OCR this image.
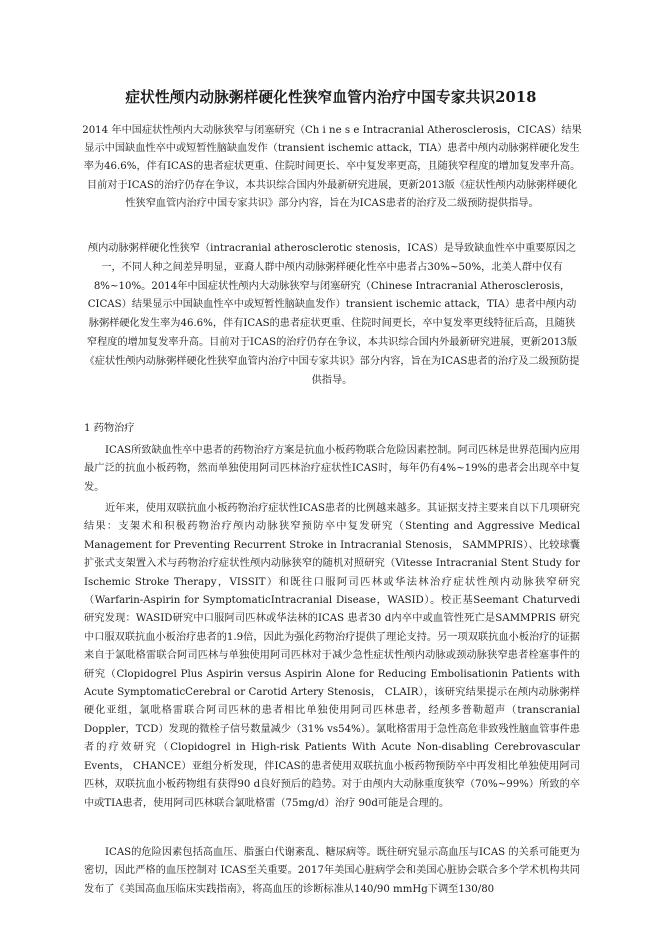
症状性颅内动脉粥样硬化性狭窄血管内治疗中国专家共识2018

2014 年中国症状性颅内大动脉狭窄与闭塞研究（Ch i ne s e Intracranial Atherosclerosis，CICAS）结果显示中国缺血性卒中或短暂性脑缺血发作（transient ischemic attack，TIA）患者中颅内动脉粥样硬化发生率为46.6%，伴有ICAS的患者症状更重、住院时间更长、卒中复发率更高，且随狭窄程度的增加复发率升高。目前对于ICAS的治疗仍存在争议，本共识综合国内外最新研究进展，更新2013版《症状性颅内动脉粥样硬化性狭窄血管内治疗中国专家共识》部分内容，旨在为ICAS患者的治疗及二级预防提供指导。

颅内动脉粥样硬化性狭窄（intracranial atherosclerotic stenosis，ICAS）是导致缺血性卒中重要原因之一，不同人种之间差异明显，亚裔人群中颅内动脉粥样硬化性卒中患者占30%~50%，北美人群中仅有8%~10%。2014年中国症状性颅内大动脉狭窄与闭塞研究（Chinese Intracranial Atherosclerosis，CICAS）结果显示中国缺血性卒中或短暂性脑缺血发作）transient ischemic attack，TIA）患者中颅内动脉粥样硬化发生率为46.6%，伴有ICAS的患者症状更重、住院时间更长，卒中复发率更线特征后高，且随狭窄程度的增加复发率升高。目前对于ICAS的治疗仍存在争议，本共识综合国内外最新研究进展，更新2013版《症状性颅内动脉粥样硬化性狭窄血管内治疗中国专家共识》部分内容，旨在为ICAS患者的治疗及二级预防提供指导。

1 药物治疗

ICAS所致缺血性卒中患者的药物治疗方案是抗血小板药物联合危险因素控制。阿司匹林是世界范围内应用最广泛的抗血小板药物，然而单独使用阿司匹林治疗症状性ICAS时，每年仍有4%~19%的患者会出现卒中复发。

近年来，使用双联抗血小板药物治疗症状性ICAS患者的比例越来越多。其证据支持主要来自以下几项研究结果：支架术和积极药物治疗颅内动脉狭窄预防卒中复发研究（Stenting and Aggressive Medical Management for Preventing Recurrent Stroke in Intracranial Stenosis， SAMMPRIS）、比较球囊扩张式支架置入术与药物治疗症状性颅内动脉狭窄的随机对照研究（Vitesse Intracranial Stent Study for Ischemic Stroke Therapy，VISSIT）和既往口服阿司匹林或华法林治疗症状性颅内动脉狭窄研究（Warfarin-Aspirin for SymptomaticIntracranial Disease，WASID）。校正基Seemant Chaturvedi研究发现：WASID研究中口服阿司匹林或华法林的ICAS 患者30 d内卒中或血管性死亡是SAMMPRIS 研究中口服双联抗血小板治疗患者的1.9倍，因此为强化药物治疗提供了理论支持。另一项双联抗血小板治疗的证据来自于氯吡格雷联合阿司匹林与单独使用阿司匹林对于减少急性症状性颅内动脉或颈动脉狭窄患者栓塞事件的研究（Clopidogrel Plus Aspirin versus Aspirin Alone for Reducing Embolisationin Patients with Acute SymptomaticCerebral or Carotid Artery Stenosis， CLAIR），该研究结果提示在颅内动脉粥样硬化亚组，氯吡格雷联合阿司匹林的患者相比单独使用阿司匹林患者，经颅多普勒超声（transcranial Doppler，TCD）发现的微栓子信号数量减少（31% vs54%）。氯吡格雷用于急性高危非致残性脑血管事件患者的疗效研究（Clopidogrel in High-risk Patients With Acute Non-disabling Cerebrovascular Events， CHANCE）亚组分析发现，伴ICAS的患者使用双联抗血小板药物预防卒中再发相比单独使用阿司匹林，双联抗血小板药物组有获得90 d良好预后的趋势。对于由颅内大动脉重度狭窄（70%~99%）所致的卒中或TIA患者，使用阿司匹林联合氯吡格雷（75mg/d）治疗 90d可能是合理的。

ICAS的危险因素包括高血压、脂蛋白代谢紊乱、糖尿病等。既往研究显示高血压与ICAS 的关系可能更为密切，因此严格的血压控制对 ICAS至关重要。2017年美国心脏病学会和美国心脏协会联合多个学术机构共同发布了《美国高血压临床实践指南》，将高血压的诊断标准从140/90 mmHg下调至130/80
